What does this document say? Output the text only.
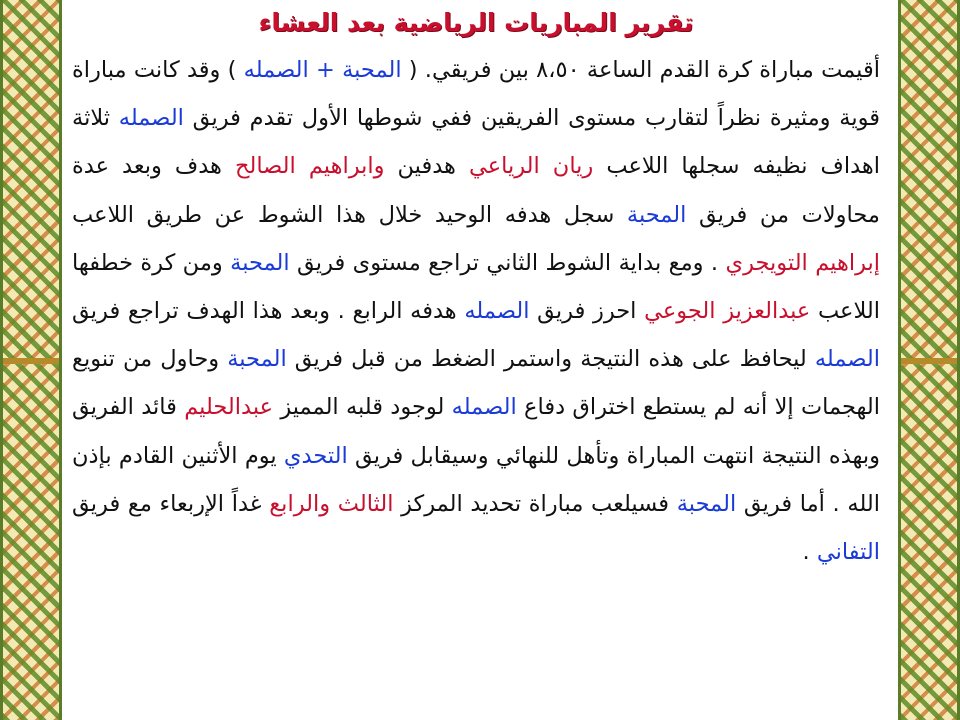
تقرير المباريات الرياضية بعد العشاء

أقيمت مباراة كرة القدم الساعة ٨،٥٠ بين فريقي. ( المحبة + الصمله ) وقد كانت مباراة قوية ومثيرة نظراً لتقارب مستوى الفريقين ففي شوطها الأول تقدم فريق الصمله ثلاثة اهداف نظيفه سجلها اللاعب ريان الرياعي هدفين وابراهيم الصالح هدف وبعد عدة محاولات من فريق المحبة سجل هدفه الوحيد خلال هذا الشوط عن طريق اللاعب إبراهيم التويجري . ومع بداية الشوط الثاني تراجع مستوى فريق المحبة ومن كرة خطفها اللاعب عبدالعزيز الجوعي احرز فريق الصمله هدفه الرابع . وبعد هذا الهدف تراجع فريق الصمله ليحافظ على هذه النتيجة واستمر الضغط من قبل فريق المحبة وحاول من تنويع الهجمات إلا أنه لم يستطع اختراق دفاع الصمله لوجود قلبه المميز عبدالحليم قائد الفريق وبهذه النتيجة انتهت المباراة وتأهل للنهائي وسيقابل فريق التحدي يوم الأثنين القادم بإذن الله . أما فريق المحبة فسيلعب مباراة تحديد المركز الثالث والرابع غداً الإربعاء مع فريق التفاني .
